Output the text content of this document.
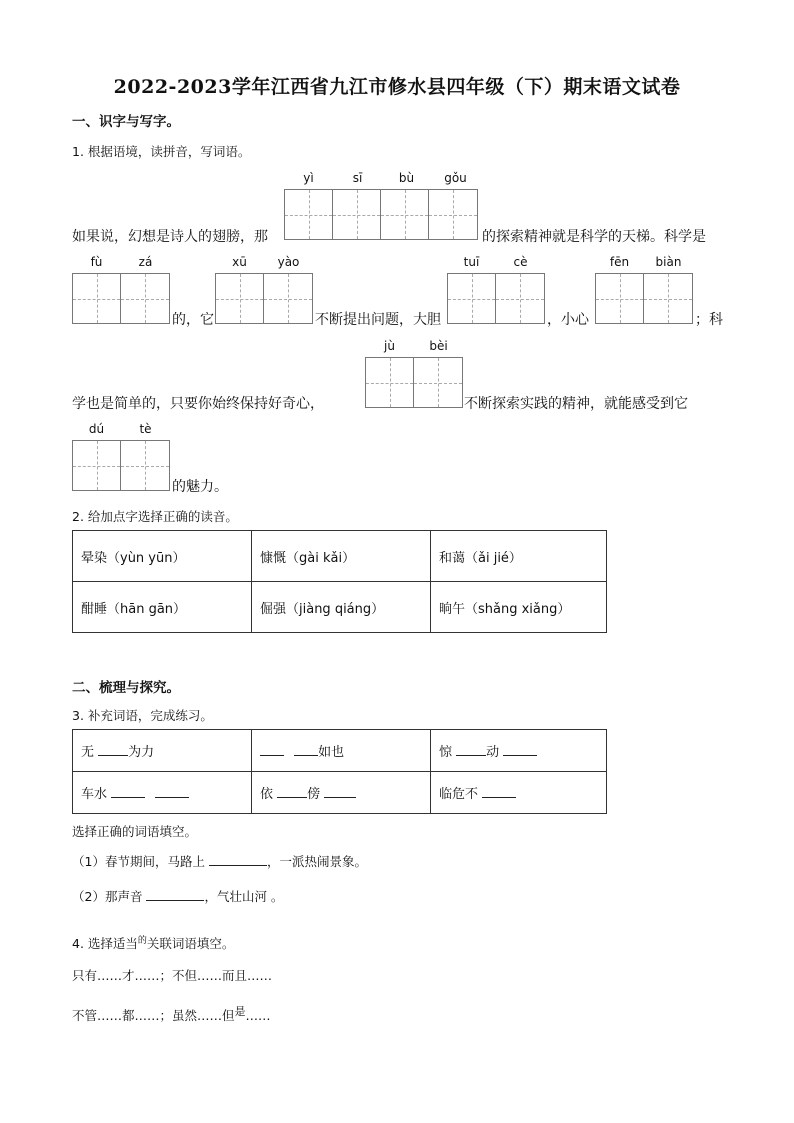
2022-2023学年江西省九江市修水县四年级（下）期末语文试卷
一、识字与写字。
1. 根据语境，读拼音，写词语。
yì	sī	bù	gǒu
如果说，幻想是诗人的翅膀，那	的探索精神就是科学的天梯。科学是
fù	zá
的，它
xū	yào
不断提出问题，大胆
tuī	cè
，小心
fēn	biàn
；科
jù	bèi
学也是简单的，只要你始终保持好奇心，	不断探索实践的精神，就能感受到它
dú	tè
的魅力。
2. 给加点字选择正确的读音。
晕染（yùn yūn）	慷慨（gài kǎi）	和蔼（ǎi jié）
酣睡（hān gān）	倔强（jiàng qiáng）	晌午（shǎng xiǎng）
二、梳理与探究。
3. 补充词语，完成练习。
无 为力	如也	惊 动
车水	依 傍	临危不
选择正确的词语填空。
（1）春节期间，马路上	，一派热闹景象。
（2）那声音	，气壮山河 。
4. 选择适当$^的$关联词语填空。
只有……才……；不但……而且……
不管……都……；虽然……但$^是$……
